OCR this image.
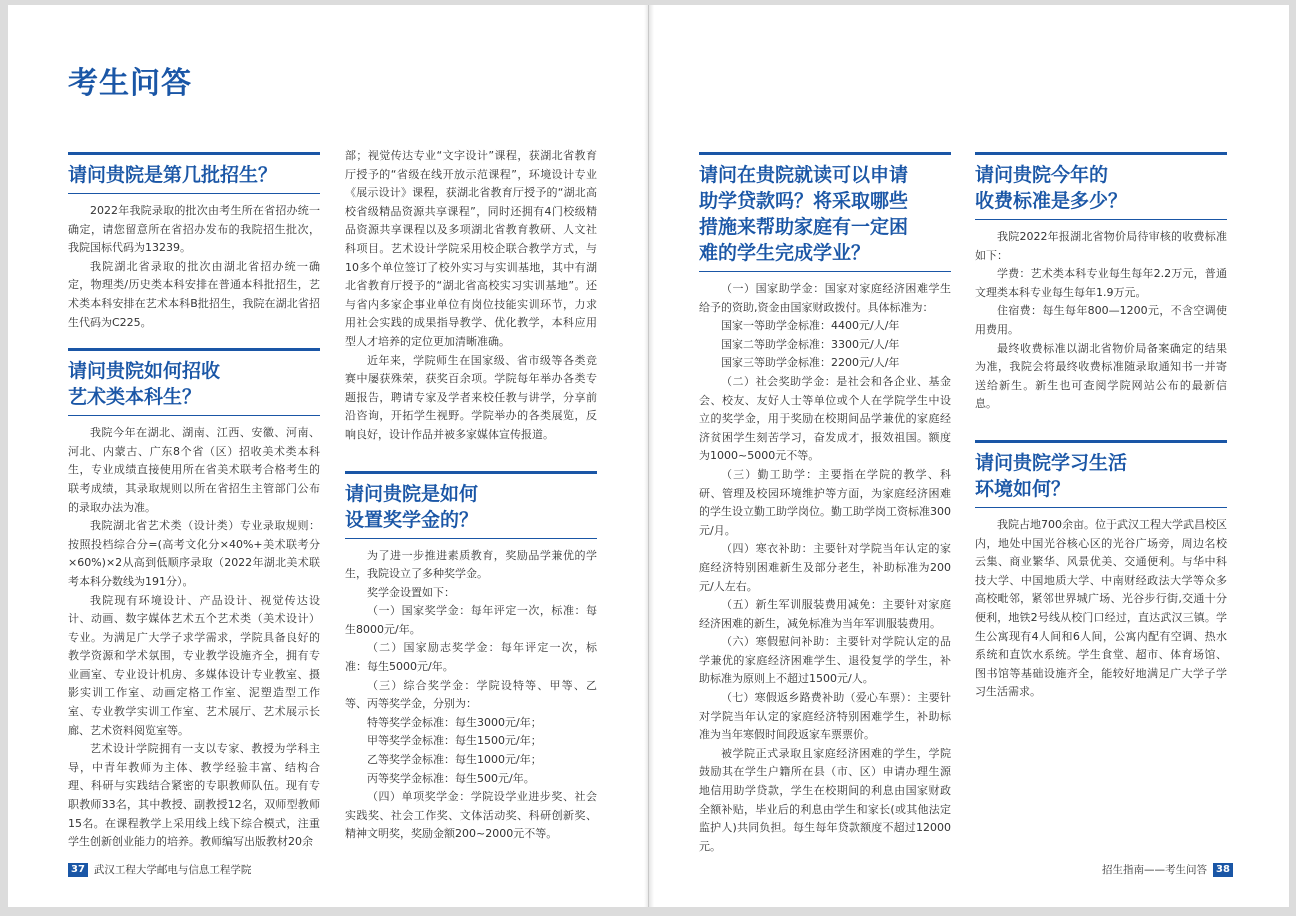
考生问答
请问贵院是第几批招生？

2022年我院录取的批次由考生所在省招办统一确定，请您留意所在省招办发布的我院招生批次，我院国标代码为13239。

我院湖北省录取的批次由湖北省招办统一确定，物理类/历史类本科安排在普通本科批招生，艺术类本科安排在艺术本科B批招生，我院在湖北省招生代码为C225。

请问贵院如何招收
艺术类本科生？

我院今年在湖北、湖南、江西、安徽、河南、河北、内蒙古、广东8个省（区）招收美术类本科生，专业成绩直接使用所在省美术联考合格考生的联考成绩，其录取规则以所在省招生主管部门公布的录取办法为准。

我院湖北省艺术类（设计类）专业录取规则：按照投档综合分=(高考文化分×40%+美术联考分×60%)×2从高到低顺序录取（2022年湖北美术联考本科分数线为191分）。

我院现有环境设计、产品设计、视觉传达设计、动画、数字媒体艺术五个艺术类（美术设计）专业。为满足广大学子求学需求，学院具备良好的教学资源和学术氛围，专业教学设施齐全，拥有专业画室、专业设计机房、多媒体设计专业教室、摄影实训工作室、动画定格工作室、泥塑造型工作室、专业教学实训工作室、艺术展厅、艺术展示长廊、艺术资料阅览室等。

艺术设计学院拥有一支以专家、教授为学科主导，中青年教师为主体、教学经验丰富、结构合理、科研与实践结合紧密的专职教师队伍。现有专职教师33名，其中教授、副教授12名，双师型教师15名。在课程教学上采用线上线下综合模式，注重学生创新创业能力的培养。教师编写出版教材20余

部；视觉传达专业“文字设计”课程，获湖北省教育厅授予的“省级在线开放示范课程”，环境设计专业《展示设计》课程，获湖北省教育厅授予的“湖北高校省级精品资源共享课程”，同时还拥有4门校级精品资源共享课程以及多项湖北省教育教研、人文社科项目。艺术设计学院采用校企联合教学方式，与10多个单位签订了校外实习与实训基地，其中有湖北省教育厅授予的“湖北省高校实习实训基地”。还与省内多家企事业单位有岗位技能实训环节，力求用社会实践的成果指导教学、优化教学，本科应用型人才培养的定位更加清晰准确。

近年来，学院师生在国家级、省市级等各类竞赛中屡获殊荣，获奖百余项。学院每年举办各类专题报告，聘请专家及学者来校任教与讲学，分享前沿咨询，开拓学生视野。学院举办的各类展览，反响良好，设计作品并被多家媒体宣传报道。

请问贵院是如何
设置奖学金的？

为了进一步推进素质教育，奖励品学兼优的学生，我院设立了多种奖学金。

奖学金设置如下：

（一）国家奖学金：每年评定一次，标准：每生8000元/年。

（二）国家励志奖学金：每年评定一次，标准：每生5000元/年。

（三）综合奖学金：学院设特等、甲等、乙等、丙等奖学金，分别为：

特等奖学金标准：每生3000元/年；

甲等奖学金标准：每生1500元/年；

乙等奖学金标准：每生1000元/年；

丙等奖学金标准：每生500元/年。

（四）单项奖学金：学院设学业进步奖、社会实践奖、社会工作奖、文体活动奖、科研创新奖、精神文明奖，奖励金额200~2000元不等。

请问在贵院就读可以申请
助学贷款吗？将采取哪些
措施来帮助家庭有一定困
难的学生完成学业？

（一）国家助学金：国家对家庭经济困难学生给予的资助,资金由国家财政拨付。具体标准为：

国家一等助学金标准：4400元/人/年

国家二等助学金标准：3300元/人/年

国家三等助学金标准：2200元/人/年

（二）社会奖助学金：是社会和各企业、基金会、校友、友好人士等单位或个人在学院学生中设立的奖学金，用于奖励在校期间品学兼优的家庭经济贫困学生刻苦学习，奋发成才，报效祖国。额度为1000~5000元不等。

（三）勤工助学：主要指在学院的教学、科研、管理及校园环境维护等方面，为家庭经济困难的学生设立勤工助学岗位。勤工助学岗工资标准300元/月。

（四）寒衣补助：主要针对学院当年认定的家庭经济特别困难新生及部分老生，补助标准为200元/人左右。

（五）新生军训服装费用减免：主要针对家庭经济困难的新生，减免标准为当年军训服装费用。

（六）寒假慰问补助：主要针对学院认定的品学兼优的家庭经济困难学生、退役复学的学生，补助标准为原则上不超过1500元/人。

（七）寒假返乡路费补助（爱心车票）：主要针对学院当年认定的家庭经济特别困难学生，补助标准为当年寒假时间段返家车票票价。

被学院正式录取且家庭经济困难的学生，学院鼓励其在学生户籍所在县（市、区）申请办理生源地信用助学贷款，学生在校期间的利息由国家财政全额补贴，毕业后的利息由学生和家长(或其他法定监护人)共同负担。每生每年贷款额度不超过12000元。

请问贵院今年的
收费标准是多少？

我院2022年报湖北省物价局待审核的收费标准如下：

学费：艺术类本科专业每生每年2.2万元，普通文理类本科专业每生每年1.9万元。

住宿费：每生每年800—1200元，不含空调使用费用。

最终收费标准以湖北省物价局备案确定的结果为准，我院会将最终收费标准随录取通知书一并寄送给新生。新生也可查阅学院网站公布的最新信息。

请问贵院学习生活
环境如何？

我院占地700余亩。位于武汉工程大学武昌校区内，地处中国光谷核心区的光谷广场旁，周边名校云集、商业繁华、风景优美、交通便利。与华中科技大学、中国地质大学、中南财经政法大学等众多高校毗邻，紧邻世界城广场、光谷步行街,交通十分便利，地铁2号线从校门口经过，直达武汉三镇。学生公寓现有4人间和6人间，公寓内配有空调、热水系统和直饮水系统。学生食堂、超市、体育场馆、图书馆等基础设施齐全，能较好地满足广大学子学习生活需求。

37 武汉工程大学邮电与信息工程学院	招生指南——考生问答 38
